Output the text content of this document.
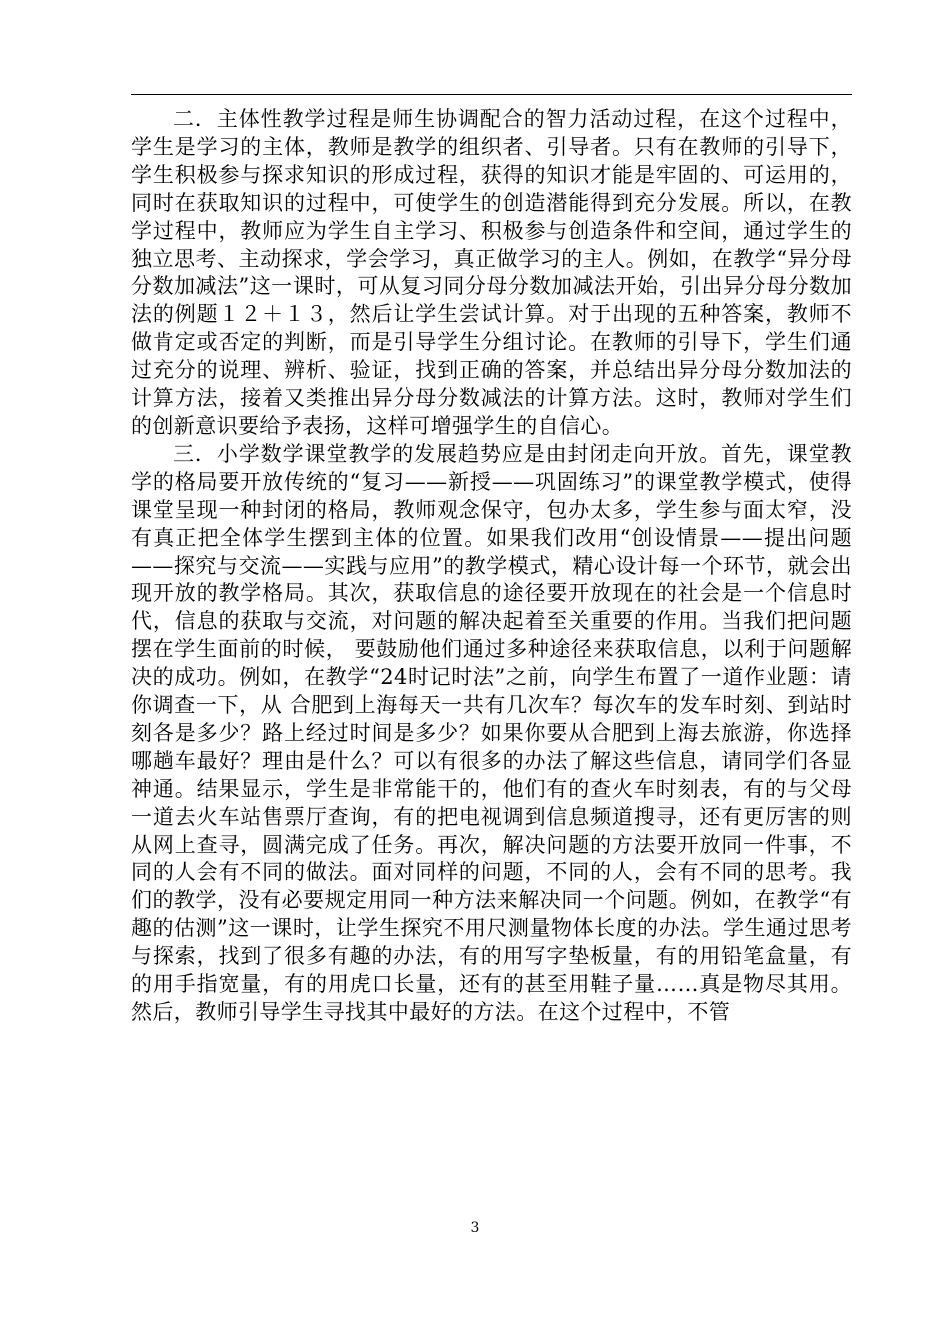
二．主体性教学过程是师生协调配合的智力活动过程，在这个过程中，学生是学习的主体，教师是教学的组织者、引导者。只有在教师的引导下，学生积极参与探求知识的形成过程，获得的知识才能是牢固的、可运用的，同时在获取知识的过程中，可使学生的创造潜能得到充分发展。所以，在教学过程中，教师应为学生自主学习、积极参与创造条件和空间，通过学生的独立思考、主动探求，学会学习，真正做学习的主人。例如，在教学“异分母分数加减法”这一课时，可从复习同分母分数加减法开始，引出异分母分数加法的例题１２＋１３，然后让学生尝试计算。对于出现的五种答案，教师不做肯定或否定的判断，而是引导学生分组讨论。在教师的引导下，学生们通过充分的说理、辨析、验证，找到正确的答案，并总结出异分母分数加法的计算方法，接着又类推出异分母分数减法的计算方法。这时，教师对学生们的创新意识要给予表扬，这样可增强学生的自信心。

三．小学数学课堂教学的发展趋势应是由封闭走向开放。首先，课堂教学的格局要开放传统的“复习——新授——巩固练习”的课堂教学模式，使得课堂呈现一种封闭的格局，教师观念保守，包办太多，学生参与面太窄，没有真正把全体学生摆到主体的位置。如果我们改用“创设情景——提出问题——探究与交流——实践与应用”的教学模式，精心设计每一个环节，就会出现开放的教学格局。其次，获取信息的途径要开放现在的社会是一个信息时代，信息的获取与交流，对问题的解决起着至关重要的作用。当我们把问题摆在学生面前的时候， 要鼓励他们通过多种途径来获取信息，以利于问题解决的成功。例如，在教学“24时记时法”之前，向学生布置了一道作业题：请你调查一下，从 合肥到上海每天一共有几次车？每次车的发车时刻、到站时刻各是多少？路上经过时间是多少？如果你要从合肥到上海去旅游，你选择哪趟车最好？理由是什么？可以有很多的办法了解这些信息，请同学们各显神通。结果显示，学生是非常能干的，他们有的查火车时刻表，有的与父母一道去火车站售票厅查询，有的把电视调到信息频道搜寻，还有更厉害的则从网上查寻，圆满完成了任务。再次，解决问题的方法要开放同一件事，不同的人会有不同的做法。面对同样的问题，不同的人，会有不同的思考。我们的教学，没有必要规定用同一种方法来解决同一个问题。例如，在教学“有趣的估测”这一课时，让学生探究不用尺测量物体长度的办法。学生通过思考与探索，找到了很多有趣的办法，有的用写字垫板量，有的用铅笔盒量，有的用手指宽量，有的用虎口长量，还有的甚至用鞋子量……真是物尽其用。然后，教师引导学生寻找其中最好的方法。在这个过程中，不管

3
